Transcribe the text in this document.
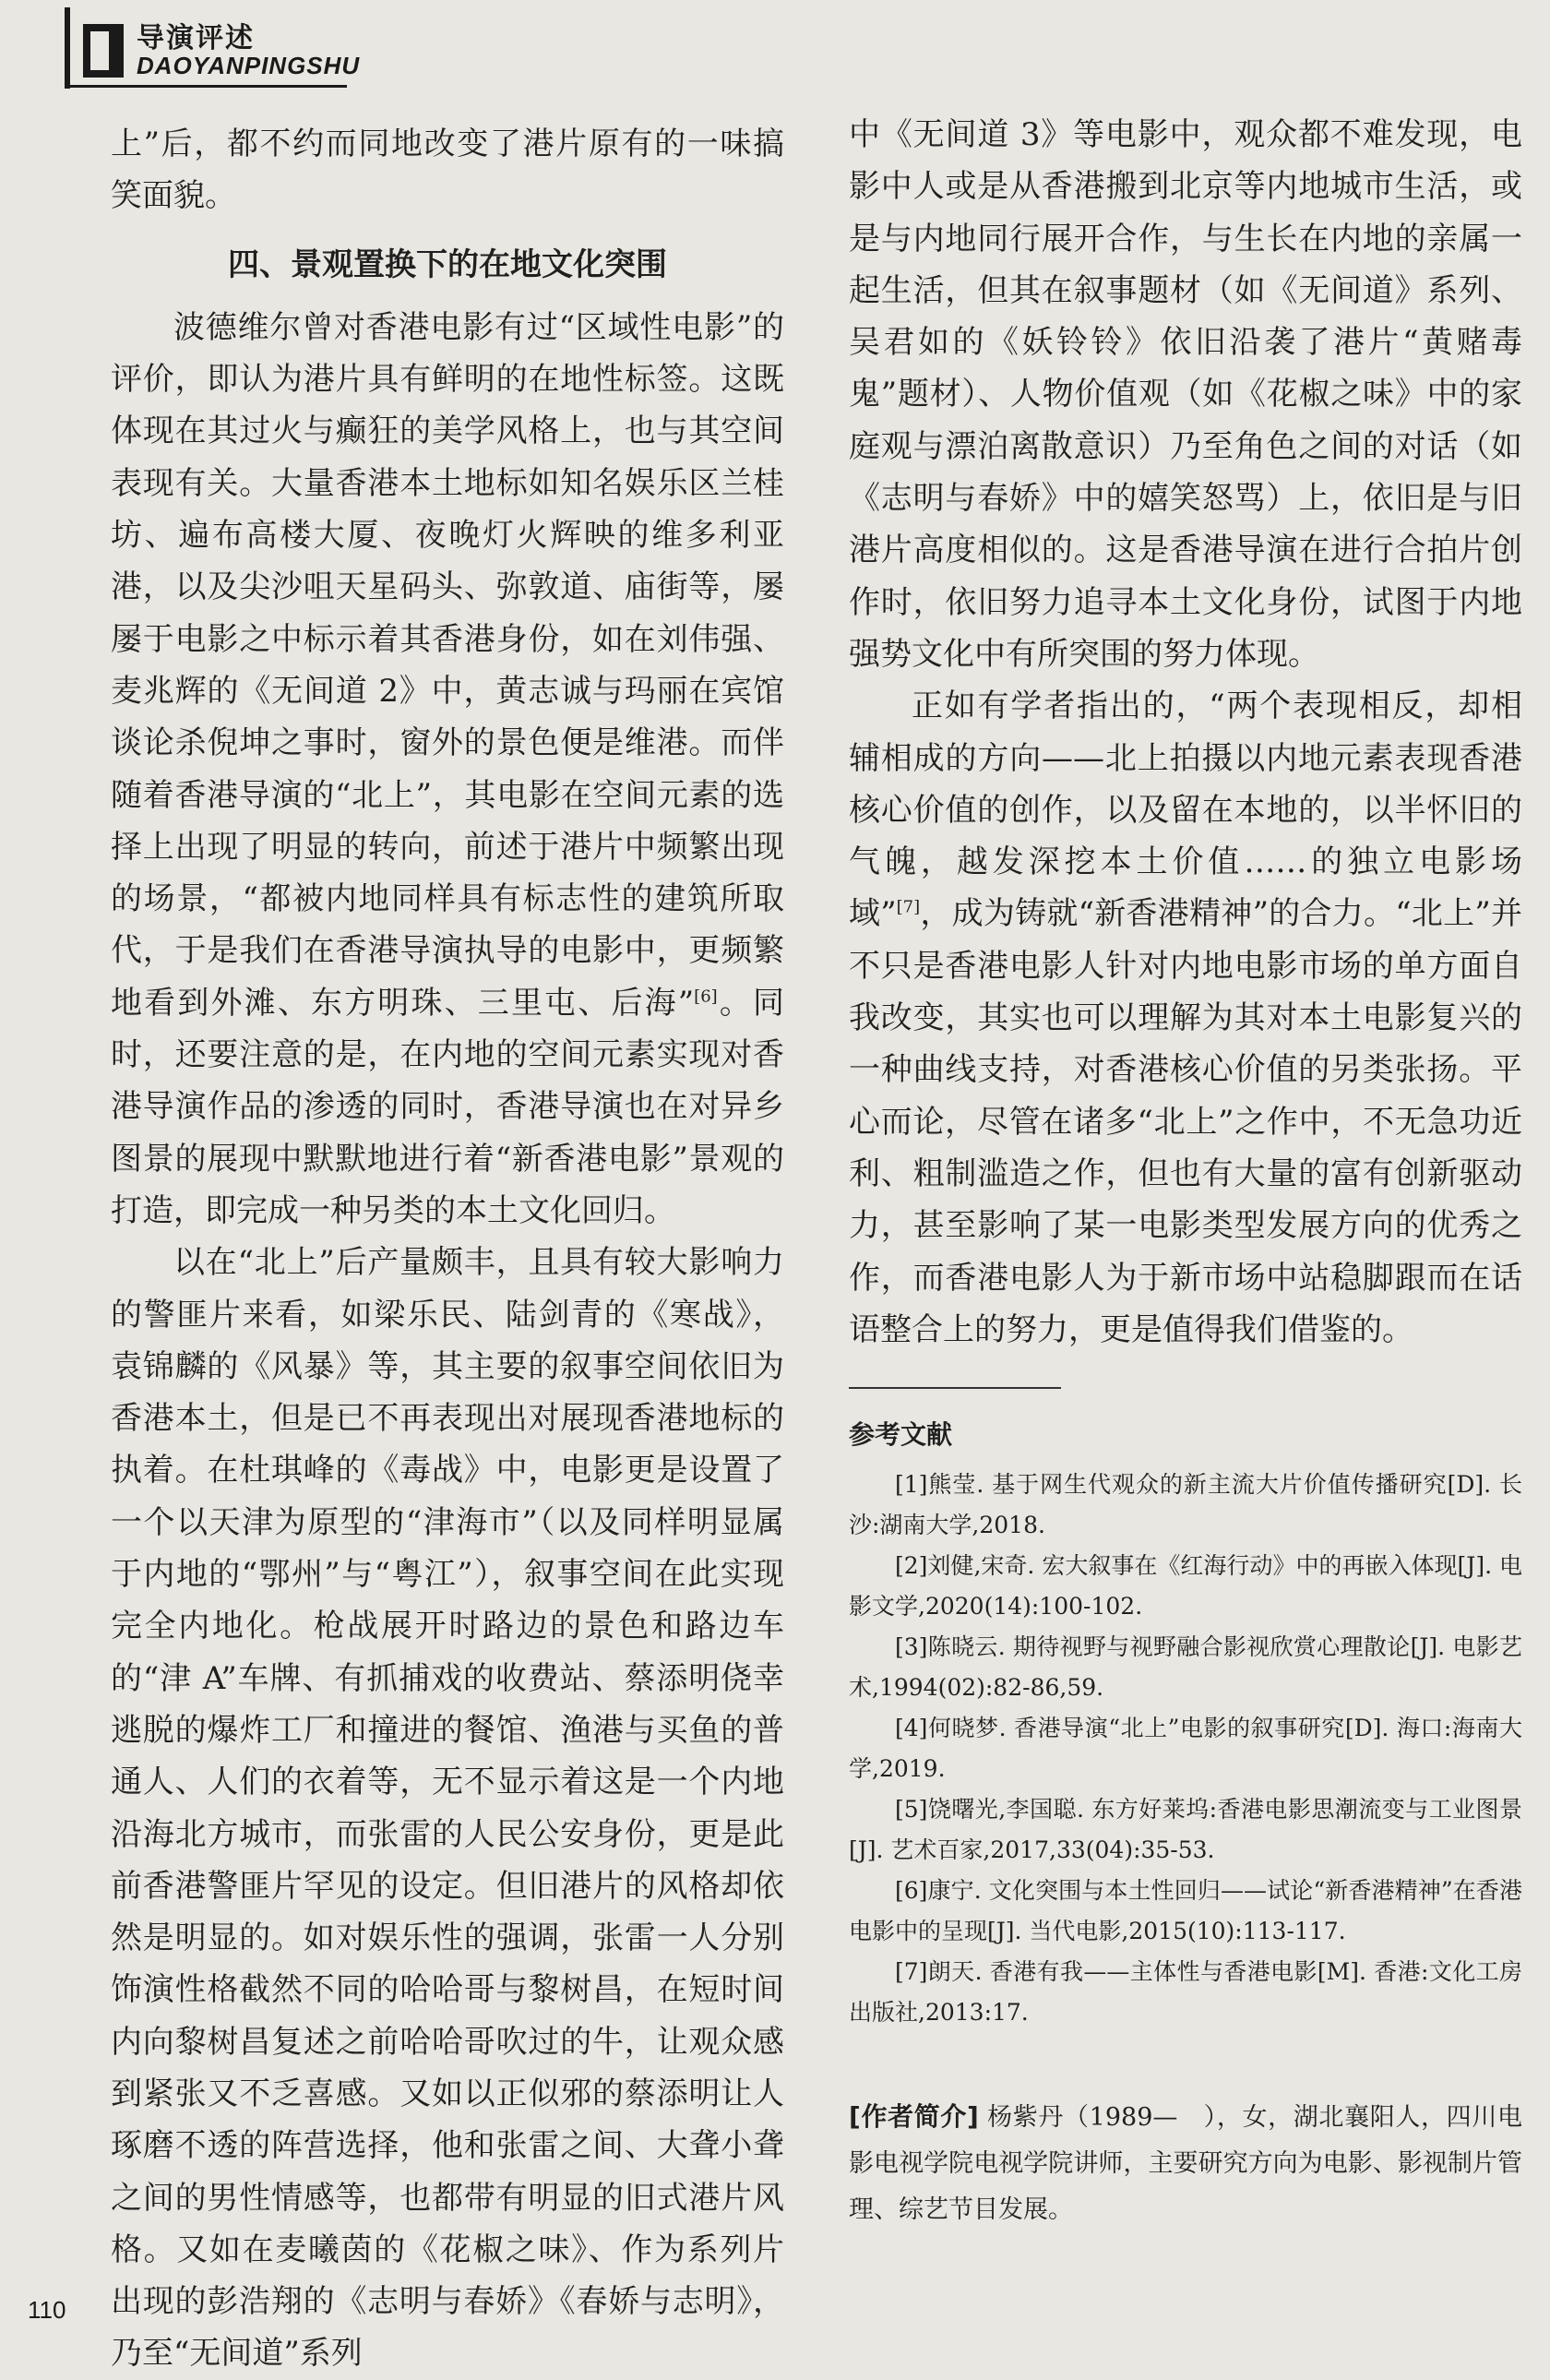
导演评述
DAOYANPINGSHU

上”后，都不约而同地改变了港片原有的一味搞笑面貌。

四、景观置换下的在地文化突围

波德维尔曾对香港电影有过“区域性电影”的评价，即认为港片具有鲜明的在地性标签。这既体现在其过火与癫狂的美学风格上，也与其空间表现有关。大量香港本土地标如知名娱乐区兰桂坊、遍布高楼大厦、夜晚灯火辉映的维多利亚港，以及尖沙咀天星码头、弥敦道、庙街等，屡屡于电影之中标示着其香港身份，如在刘伟强、麦兆辉的《无间道 2》中，黄志诚与玛丽在宾馆谈论杀倪坤之事时，窗外的景色便是维港。而伴随着香港导演的“北上”，其电影在空间元素的选择上出现了明显的转向，前述于港片中频繁出现的场景，“都被内地同样具有标志性的建筑所取代，于是我们在香港导演执导的电影中，更频繁地看到外滩、东方明珠、三里屯、后海”[6]。同时，还要注意的是，在内地的空间元素实现对香港导演作品的渗透的同时，香港导演也在对异乡图景的展现中默默地进行着“新香港电影”景观的打造，即完成一种另类的本土文化回归。

以在“北上”后产量颇丰，且具有较大影响力的警匪片来看，如梁乐民、陆剑青的《寒战》，袁锦麟的《风暴》等，其主要的叙事空间依旧为香港本土，但是已不再表现出对展现香港地标的执着。在杜琪峰的《毒战》中，电影更是设置了一个以天津为原型的“津海市”（以及同样明显属于内地的“鄂州”与“粤江”），叙事空间在此实现完全内地化。枪战展开时路边的景色和路边车的“津 A”车牌、有抓捕戏的收费站、蔡添明侥幸逃脱的爆炸工厂和撞进的餐馆、渔港与买鱼的普通人、人们的衣着等，无不显示着这是一个内地沿海北方城市，而张雷的人民公安身份，更是此前香港警匪片罕见的设定。但旧港片的风格却依然是明显的。如对娱乐性的强调，张雷一人分别饰演性格截然不同的哈哈哥与黎树昌，在短时间内向黎树昌复述之前哈哈哥吹过的牛，让观众感到紧张又不乏喜感。又如以正似邪的蔡添明让人琢磨不透的阵营选择，他和张雷之间、大聋小聋之间的男性情感等，也都带有明显的旧式港片风格。又如在麦曦茵的《花椒之味》、作为系列片出现的彭浩翔的《志明与春娇》《春娇与志明》，乃至“无间道”系列

中《无间道 3》等电影中，观众都不难发现，电影中人或是从香港搬到北京等内地城市生活，或是与内地同行展开合作，与生长在内地的亲属一起生活，但其在叙事题材（如《无间道》系列、吴君如的《妖铃铃》依旧沿袭了港片“黄赌毒鬼”题材）、人物价值观（如《花椒之味》中的家庭观与漂泊离散意识）乃至角色之间的对话（如《志明与春娇》中的嬉笑怒骂）上，依旧是与旧港片高度相似的。这是香港导演在进行合拍片创作时，依旧努力追寻本土文化身份，试图于内地强势文化中有所突围的努力体现。

正如有学者指出的，“两个表现相反，却相辅相成的方向——北上拍摄以内地元素表现香港核心价值的创作，以及留在本地的，以半怀旧的气魄，越发深挖本土价值……的独立电影场域”[7]，成为铸就“新香港精神”的合力。“北上”并不只是香港电影人针对内地电影市场的单方面自我改变，其实也可以理解为其对本土电影复兴的一种曲线支持，对香港核心价值的另类张扬。平心而论，尽管在诸多“北上”之作中，不无急功近利、粗制滥造之作，但也有大量的富有创新驱动力，甚至影响了某一电影类型发展方向的优秀之作，而香港电影人为于新市场中站稳脚跟而在话语整合上的努力，更是值得我们借鉴的。

参考文献
[1]熊莹. 基于网生代观众的新主流大片价值传播研究[D]. 长沙:湖南大学,2018.
[2]刘健,宋奇. 宏大叙事在《红海行动》中的再嵌入体现[J]. 电影文学,2020(14):100-102.
[3]陈晓云. 期待视野与视野融合影视欣赏心理散论[J]. 电影艺术,1994(02):82-86,59.
[4]何晓梦. 香港导演“北上”电影的叙事研究[D]. 海口:海南大学,2019.
[5]饶曙光,李国聪. 东方好莱坞:香港电影思潮流变与工业图景[J]. 艺术百家,2017,33(04):35-53.
[6]康宁. 文化突围与本土性回归——试论“新香港精神”在香港电影中的呈现[J]. 当代电影,2015(10):113-117.
[7]朗天. 香港有我——主体性与香港电影[M]. 香港:文化工房出版社,2013:17.
[作者简介] 杨紫丹（1989—　），女，湖北襄阳人，四川电影电视学院电视学院讲师，主要研究方向为电影、影视制片管理、综艺节目发展。
110
